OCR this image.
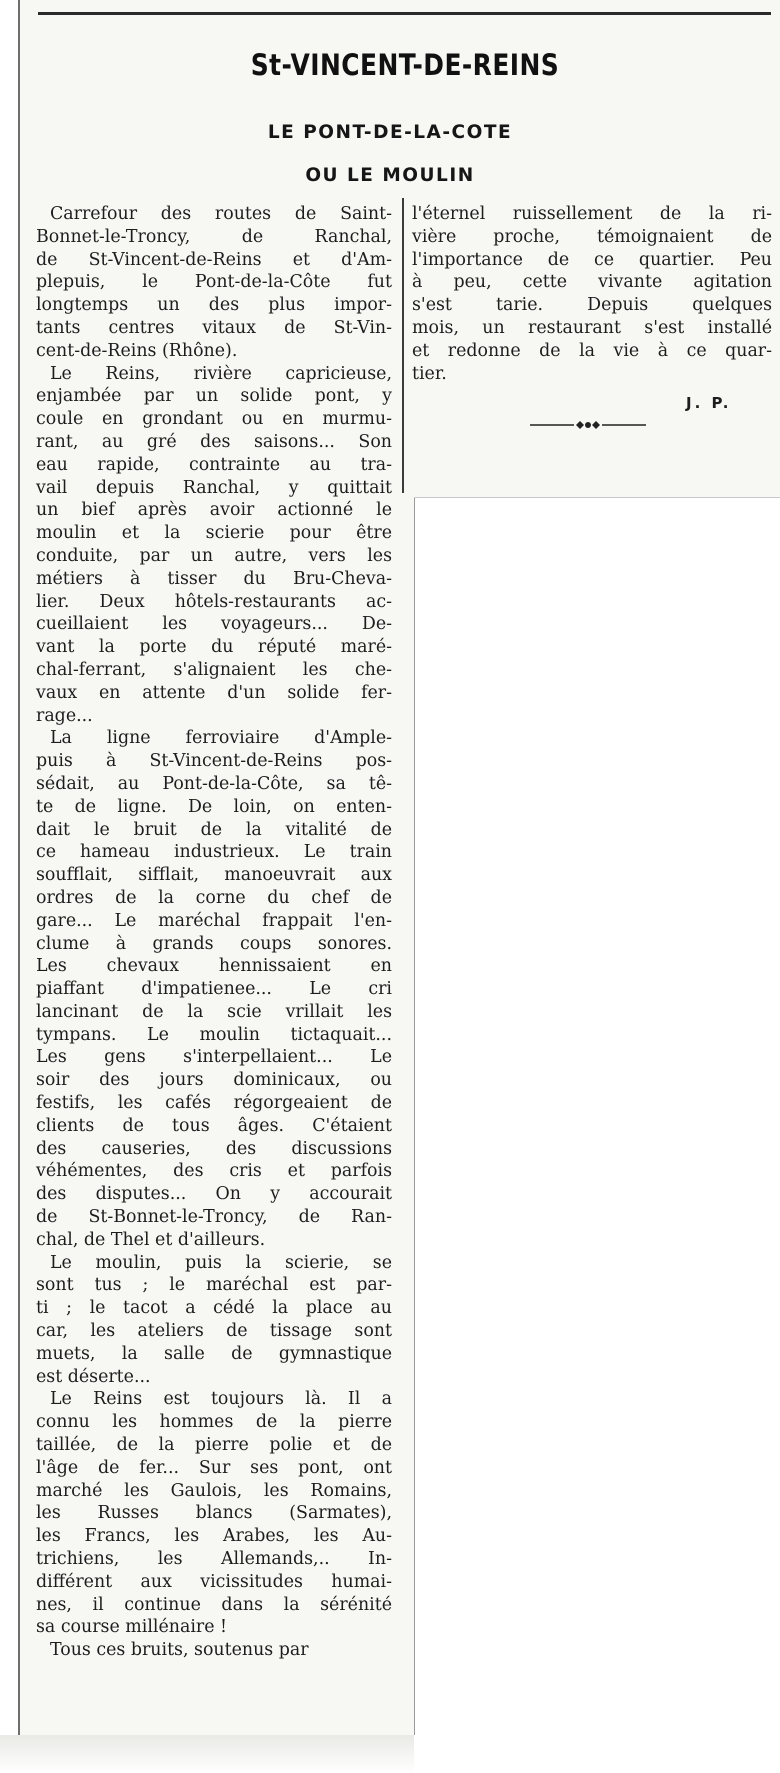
St-VINCENT-DE-REINS
LE PONT-DE-LA-COTE
OU LE MOULIN
Carrefour des routes de Saint-
Bonnet-le-Troncy, de Ranchal,
de St-Vincent-de-Reins et d'Am-
plepuis, le Pont-de-la-Côte fut
longtemps un des plus impor-
tants centres vitaux de St-Vin-
cent-de-Reins (Rhône).
Le Reins, rivière capricieuse,
enjambée par un solide pont, y
coule en grondant ou en murmu-
rant, au gré des saisons... Son
eau rapide, contrainte au tra-
vail depuis Ranchal, y quittait
un bief après avoir actionné le
moulin et la scierie pour être
conduite, par un autre, vers les
métiers à tisser du Bru-Cheva-
lier. Deux hôtels-restaurants ac-
cueillaient les voyageurs... De-
vant la porte du réputé maré-
chal-ferrant, s'alignaient les che-
vaux en attente d'un solide fer-
rage...
La ligne ferroviaire d'Ample-
puis à St-Vincent-de-Reins pos-
sédait, au Pont-de-la-Côte, sa tê-
te de ligne. De loin, on enten-
dait le bruit de la vitalité de
ce hameau industrieux. Le train
soufflait, sifflait, manoeuvrait aux
ordres de la corne du chef de
gare... Le maréchal frappait l'en-
clume à grands coups sonores.
Les chevaux hennissaient en
piaffant d'impatienee... Le cri
lancinant de la scie vrillait les
tympans. Le moulin tictaquait...
Les gens s'interpellaient... Le
soir des jours dominicaux, ou
festifs, les cafés régorgeaient de
clients de tous âges. C'étaient
des causeries, des discussions
véhémentes, des cris et parfois
des disputes... On y accourait
de St-Bonnet-le-Troncy, de Ran-
chal, de Thel et d'ailleurs.
Le moulin, puis la scierie, se
sont tus ; le maréchal est par-
ti ; le tacot a cédé la place au
car, les ateliers de tissage sont
muets, la salle de gymnastique
est déserte...
Le Reins est toujours là. Il a
connu les hommes de la pierre
taillée, de la pierre polie et de
l'âge de fer... Sur ses pont, ont
marché les Gaulois, les Romains,
les Russes blancs (Sarmates),
les Francs, les Arabes, les Au-
trichiens, les Allemands,.. In-
différent aux vicissitudes humai-
nes, il continue dans la sérénité
sa course millénaire !
Tous ces bruits, soutenus par
l'éternel ruissellement de la ri-
vière proche, témoignaient de
l'importance de ce quartier. Peu
à peu, cette vivante agitation
s'est tarie. Depuis quelques
mois, un restaurant s'est installé
et redonne de la vie à ce quar-
tier.
J. P.
